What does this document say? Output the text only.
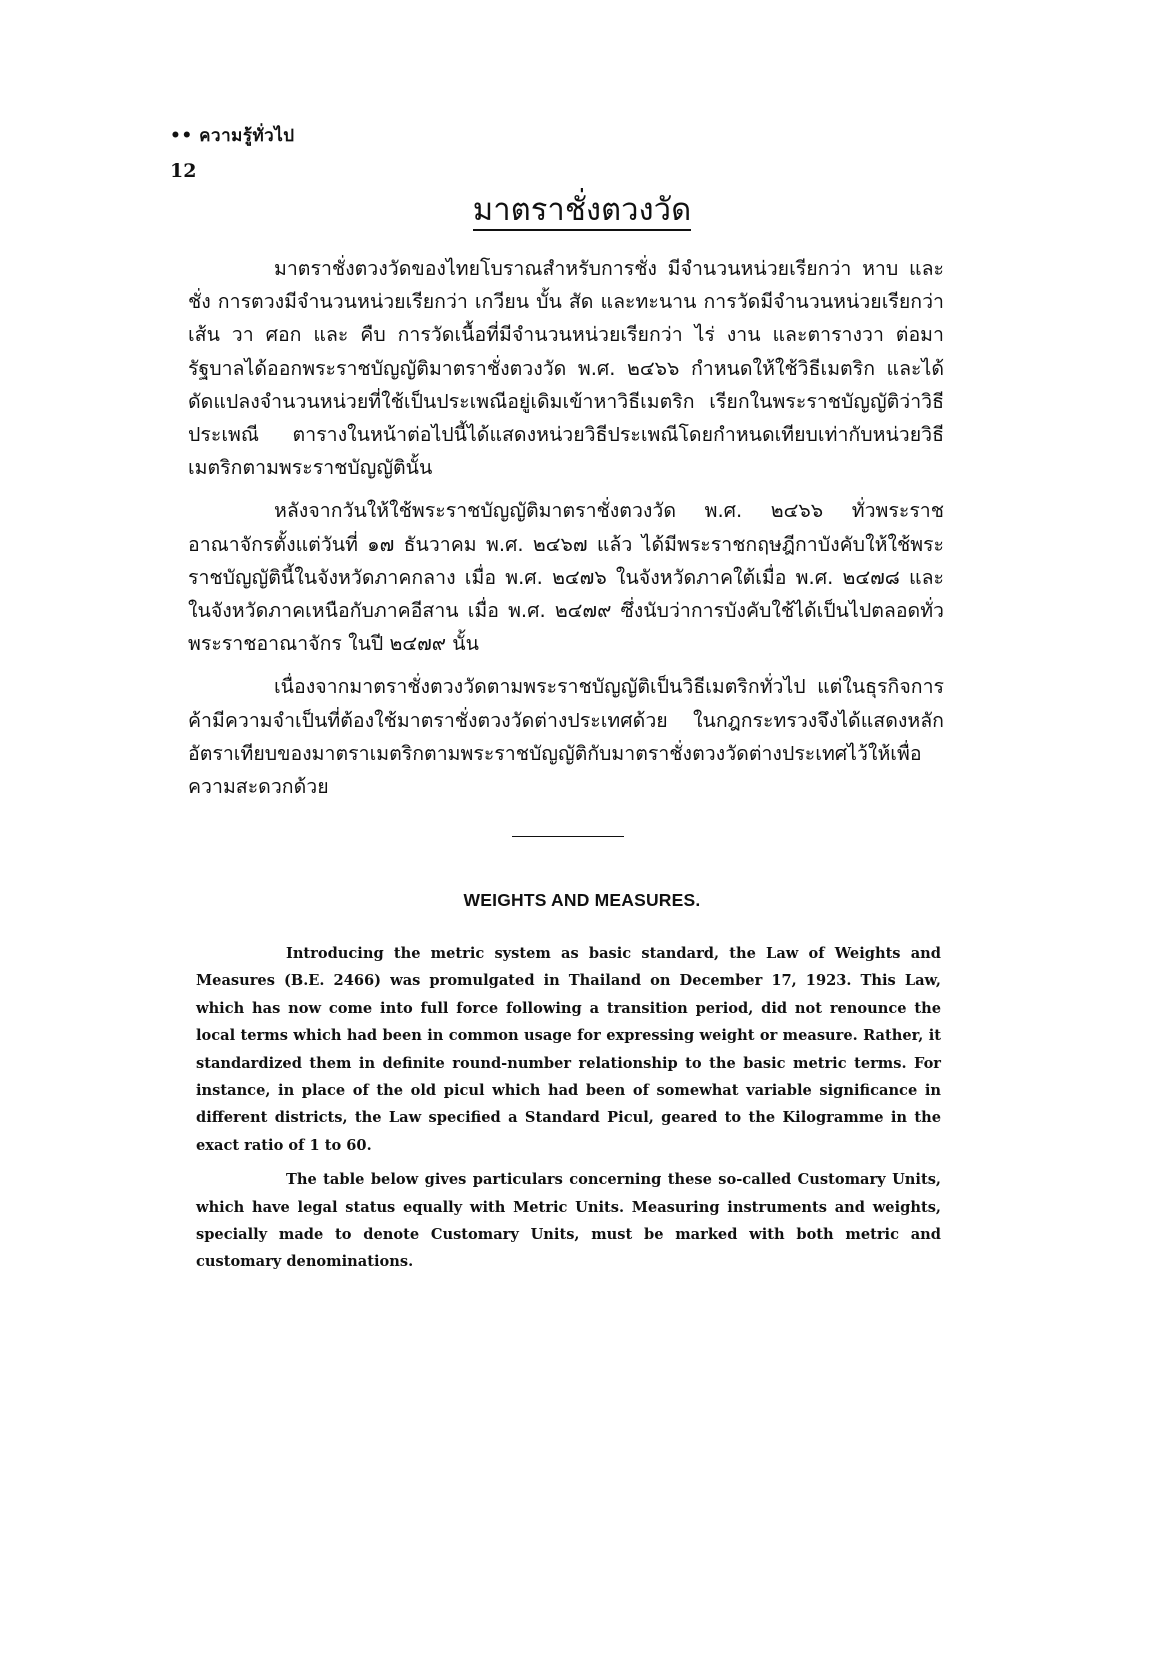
•• ความรู้ทั่วไป
12
มาตราชั่งตวงวัด

มาตราชั่งตวงวัดของไทยโบราณสำหรับการชั่ง มีจำนวนหน่วยเรียกว่า หาบ และ ชั่ง การตวงมีจำนวนหน่วยเรียกว่า เกวียน บั้น สัด และทะนาน การวัดมีจำนวนหน่วยเรียกว่า เส้น วา ศอก และ คืบ การวัดเนื้อที่มีจำนวนหน่วยเรียกว่า ไร่ งาน และตารางวา ต่อมารัฐบาลได้ออกพระราชบัญญัติมาตราชั่งตวงวัด พ.ศ. ๒๔๖๖ กำหนดให้ใช้วิธีเมตริก และได้ดัดแปลงจำนวนหน่วยที่ใช้เป็นประเพณีอยู่เดิมเข้าหาวิธีเมตริก เรียกในพระราชบัญญัติว่าวิธีประเพณี ตารางในหน้าต่อไปนี้ได้แสดงหน่วยวิธีประเพณีโดยกำหนดเทียบเท่ากับหน่วยวิธีเมตริกตามพระราชบัญญัตินั้น

หลังจากวันให้ใช้พระราชบัญญัติมาตราชั่งตวงวัด พ.ศ. ๒๔๖๖ ทั่วพระราชอาณาจักรตั้งแต่วันที่ ๑๗ ธันวาคม พ.ศ. ๒๔๖๗ แล้ว ได้มีพระราชกฤษฎีกาบังคับให้ใช้พระราชบัญญัตินี้ในจังหวัดภาคกลาง เมื่อ พ.ศ. ๒๔๗๖ ในจังหวัดภาคใต้เมื่อ พ.ศ. ๒๔๗๘ และในจังหวัดภาคเหนือกับภาคอีสาน เมื่อ พ.ศ. ๒๔๗๙ ซึ่งนับว่าการบังคับใช้ได้เป็นไปตลอดทั่วพระราชอาณาจักร ในปี ๒๔๗๙ นั้น

เนื่องจากมาตราชั่งตวงวัดตามพระราชบัญญัติเป็นวิธีเมตริกทั่วไป แต่ในธุรกิจการค้ามีความจำเป็นที่ต้องใช้มาตราชั่งตวงวัดต่างประเทศด้วย ในกฎกระทรวงจึงได้แสดงหลักอัตราเทียบของมาตราเมตริกตามพระราชบัญญัติกับมาตราชั่งตวงวัดต่างประเทศไว้ให้เพื่อความสะดวกด้วย

WEIGHTS AND MEASURES.

Introducing the metric system as basic standard, the Law of Weights and Measures (B.E. 2466) was promulgated in Thailand on December 17, 1923. This Law, which has now come into full force following a transition period, did not renounce the local terms which had been in common usage for expressing weight or measure. Rather, it standardized them in definite round-number relationship to the basic metric terms. For instance, in place of the old picul which had been of somewhat variable significance in different districts, the Law specified a Standard Picul, geared to the Kilogramme in the exact ratio of 1 to 60.

The table below gives particulars concerning these so-called Customary Units, which have legal status equally with Metric Units. Measuring instruments and weights, specially made to denote Customary Units, must be marked with both metric and customary denominations.
